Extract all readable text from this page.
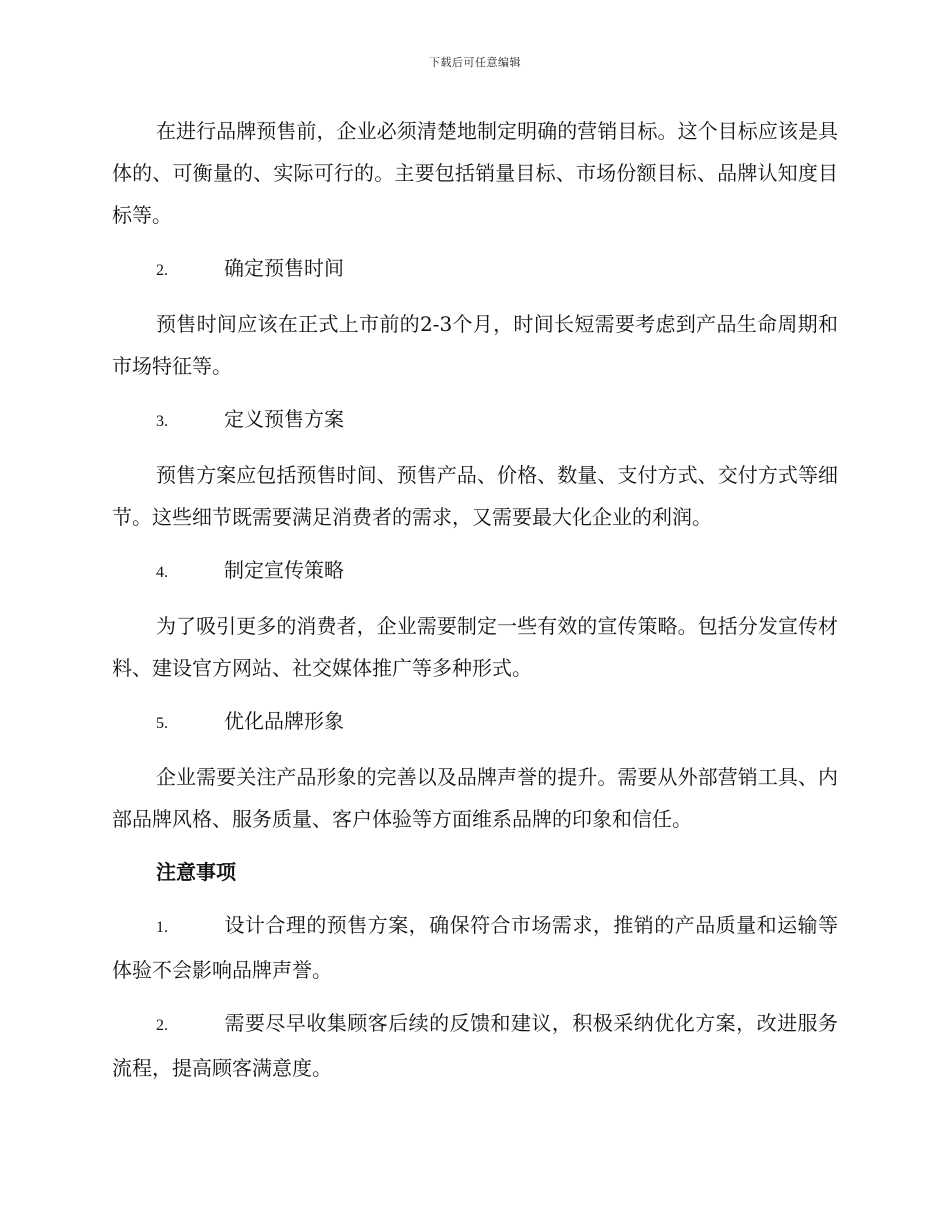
下载后可任意编辑

在进行品牌预售前，企业必须清楚地制定明确的营销目标。这个目标应该是具体的、可衡量的、实际可行的。主要包括销量目标、市场份额目标、品牌认知度目标等。

2.	确定预售时间

预售时间应该在正式上市前的2-3个月，时间长短需要考虑到产品生命周期和市场特征等。

3.	定义预售方案

预售方案应包括预售时间、预售产品、价格、数量、支付方式、交付方式等细节。这些细节既需要满足消费者的需求，又需要最大化企业的利润。

4.	制定宣传策略

为了吸引更多的消费者，企业需要制定一些有效的宣传策略。包括分发宣传材料、建设官方网站、社交媒体推广等多种形式。

5.	优化品牌形象

企业需要关注产品形象的完善以及品牌声誉的提升。需要从外部营销工具、内部品牌风格、服务质量、客户体验等方面维系品牌的印象和信任。

注意事项

1.	设计合理的预售方案，确保符合市场需求，推销的产品质量和运输等体验不会影响品牌声誉。

2.	需要尽早收集顾客后续的反馈和建议，积极采纳优化方案，改进服务流程，提高顾客满意度。
